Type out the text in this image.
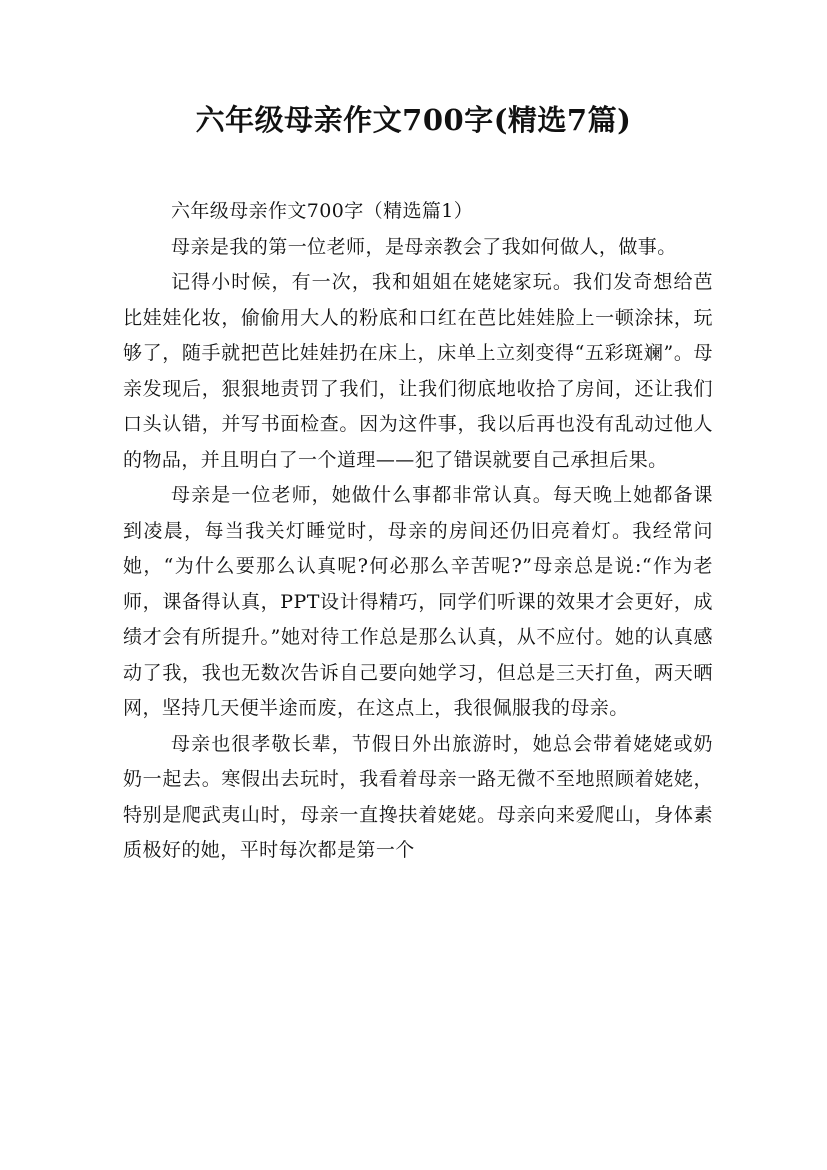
六年级母亲作文700字(精选7篇)

六年级母亲作文700字（精选篇1）

母亲是我的第一位老师，是母亲教会了我如何做人，做事。

记得小时候，有一次，我和姐姐在姥姥家玩。我们发奇想给芭比娃娃化妆，偷偷用大人的粉底和口红在芭比娃娃脸上一顿涂抹，玩够了，随手就把芭比娃娃扔在床上，床单上立刻变得“五彩斑斓”。母亲发现后，狠狠地责罚了我们，让我们彻底地收拾了房间，还让我们口头认错，并写书面检查。因为这件事，我以后再也没有乱动过他人的物品，并且明白了一个道理——犯了错误就要自己承担后果。

母亲是一位老师，她做什么事都非常认真。每天晚上她都备课到凌晨，每当我关灯睡觉时，母亲的房间还仍旧亮着灯。我经常问她，“为什么要那么认真呢?何必那么辛苦呢?”母亲总是说:“作为老师，课备得认真，PPT设计得精巧，同学们听课的效果才会更好，成绩才会有所提升。”她对待工作总是那么认真，从不应付。她的认真感动了我，我也无数次告诉自己要向她学习，但总是三天打鱼，两天晒网，坚持几天便半途而废，在这点上，我很佩服我的母亲。

母亲也很孝敬长辈，节假日外出旅游时，她总会带着姥姥或奶奶一起去。寒假出去玩时，我看着母亲一路无微不至地照顾着姥姥，特别是爬武夷山时，母亲一直搀扶着姥姥。母亲向来爱爬山，身体素质极好的她，平时每次都是第一个
